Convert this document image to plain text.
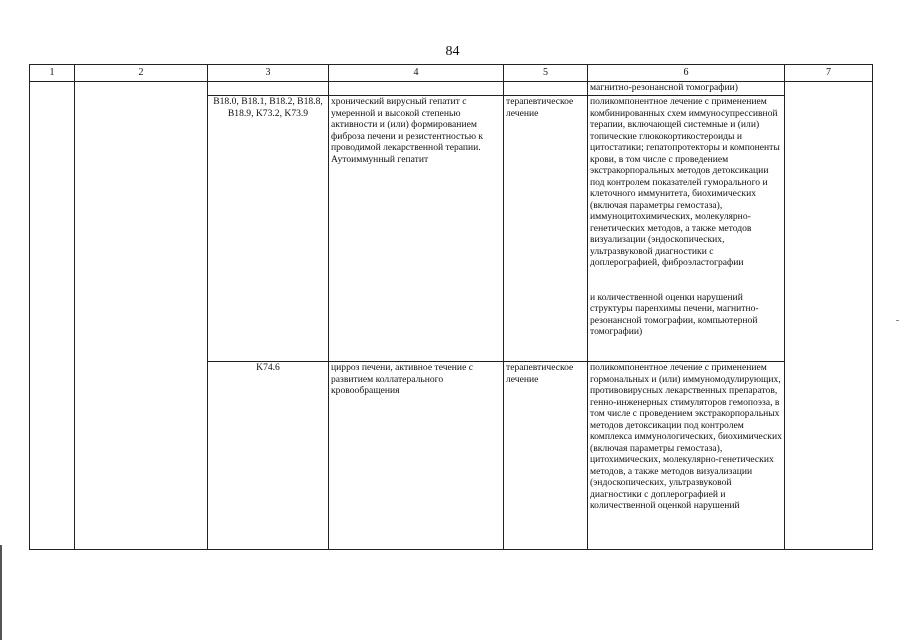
84
1	2	3	4	5	6	7
					магнитно-резонансной томографии)	
		B18.0, B18.1, B18.2, B18.8, B18.9, K73.2, K73.9	хронический вирусный гепатит с умеренной и высокой степенью активности и (или) формированием фиброза печени и резистентностью к проводимой лекарственной терапии. Аутоиммунный гепатит	терапевтическое лечение	поликомпонентное лечение с применением комбинированных схем иммуносупрессивной терапии, включающей системные и (или) топические глюкокортикостероиды и цитостатики; гепатопротекторы и компоненты крови, в том числе с проведением экстракорпоральных методов детоксикации под контролем показателей гуморального и клеточного иммунитета, биохимических (включая параметры гемостаза), иммуноцитохимических, молекулярно-генетических методов, а также методов визуализации (эндоскопических, ультразвуковой диагностики с доплерографией, фиброэластографии
и количественной оценки нарушений структуры паренхимы печени, магнитно-резонансной томографии, компьютерной томографии)	
		K74.6	цирроз печени, активное течение с развитием коллатерального кровообращения	терапевтическое лечение	поликомпонентное лечение с применением гормональных и (или) иммуномодулирующих, противовирусных лекарственных препаратов, генно-инженерных стимуляторов гемопоэза, в том числе с проведением экстракорпоральных методов детоксикации под контролем комплекса иммунологических, биохимических (включая параметры гемостаза), цитохимических, молекулярно-генетических методов, а также методов визуализации (эндоскопических, ультразвуковой диагностики с доплерографией и количественной оценкой нарушений	
